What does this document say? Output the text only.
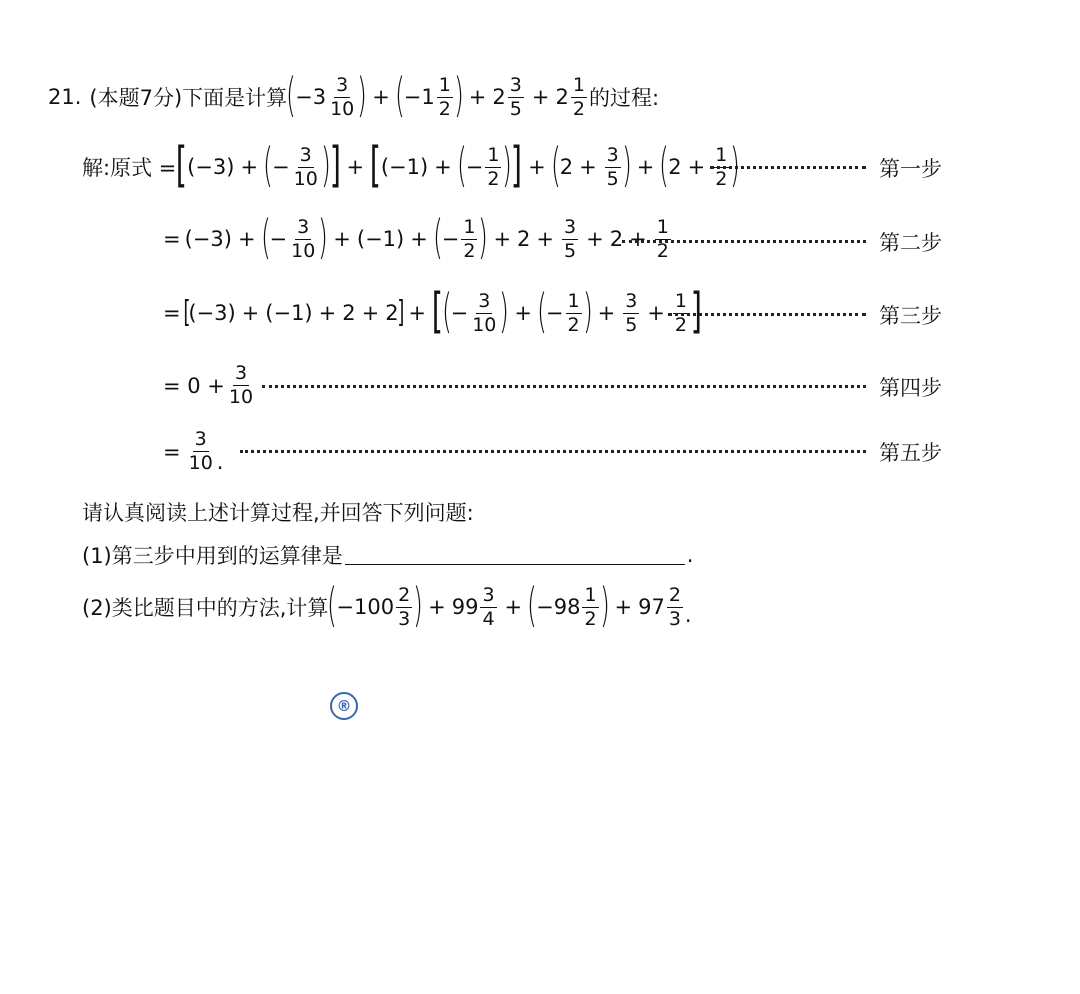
21. (本题7分)下面是计算 ( $-3 \frac{3}{10}$ ) + ( $-1 \frac{1}{2}$ ) + $2 \frac{3}{5} + 2 \frac{1}{2}$ 的过程:
解:原式 = [ (−3) + ( − $\frac{3}{10}$ )
] + [ (−1) + ( − $\frac{1}{2}$ )
] + ( $2 + \frac{3}{5}$ ) + ( $2 + \frac{1}{2}$ )	第一步
= (−3) + ( − $\frac{3}{10}$ ) + (−1) + ( − $\frac{1}{2}$ ) + $2 + \frac{3}{5} + 2 + \frac{1}{2}$	第二步
= [
(−3) + (−1) + 2 + 2
] + [
( − $\frac{3}{10}$ ) + ( − $\frac{1}{2}$ ) + $\frac{3}{5} + \frac{1}{2}$ ]	第三步
= $0 + \frac{3}{10}$	第四步
= $\frac{3}{10}$ .	第五步
请认真阅读上述计算过程,并回答下列问题:
(1)第三步中用到的运算律是	.
(2)类比题目中的方法,计算 ( $-100 \frac{2}{3}$ ) + $99 \frac{3}{4}$ + ( $-98 \frac{1}{2}$ ) + $97 \frac{2}{3}$ .
®
